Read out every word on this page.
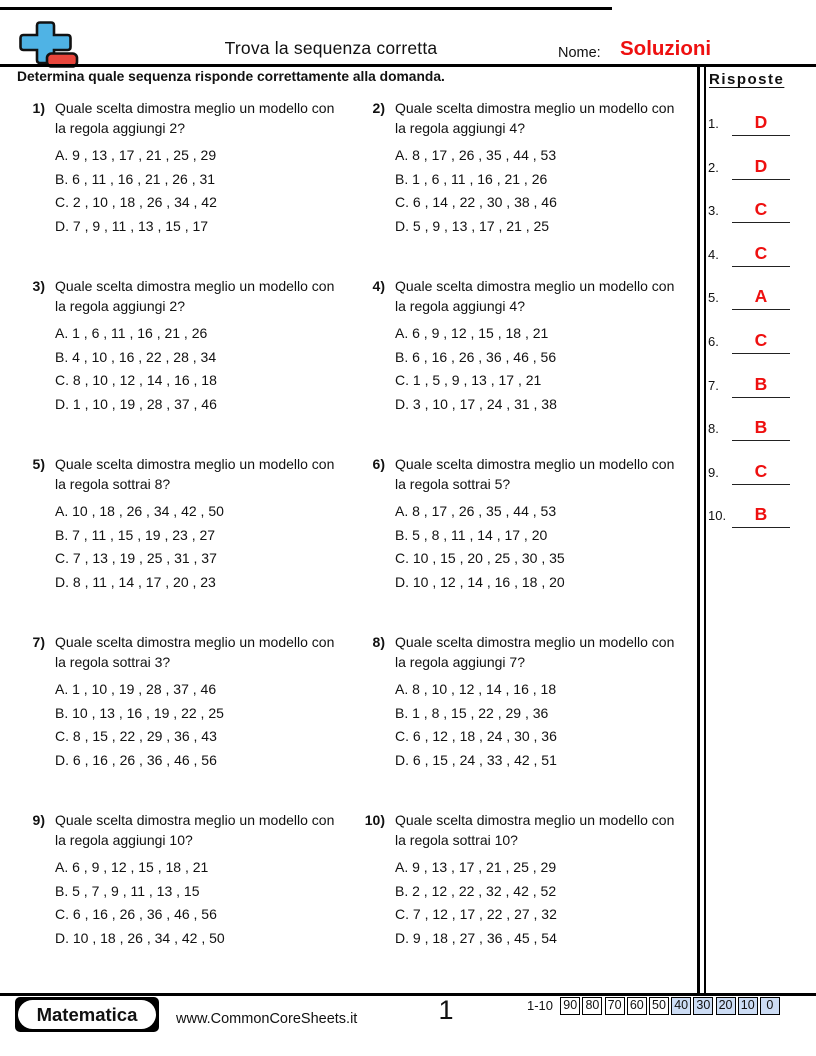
Trova la sequenza corretta	Nome: Soluzioni
Determina quale sequenza risponde correttamente alla domanda.
1) Quale scelta dimostra meglio un modello con la regola aggiungi 2?
A. 9 , 13 , 17 , 21 , 25 , 29
B. 6 , 11 , 16 , 21 , 26 , 31
C. 2 , 10 , 18 , 26 , 34 , 42
D. 7 , 9 , 11 , 13 , 15 , 17
2) Quale scelta dimostra meglio un modello con la regola aggiungi 4?
A. 8 , 17 , 26 , 35 , 44 , 53
B. 1 , 6 , 11 , 16 , 21 , 26
C. 6 , 14 , 22 , 30 , 38 , 46
D. 5 , 9 , 13 , 17 , 21 , 25
3) Quale scelta dimostra meglio un modello con la regola aggiungi 2?
A. 1 , 6 , 11 , 16 , 21 , 26
B. 4 , 10 , 16 , 22 , 28 , 34
C. 8 , 10 , 12 , 14 , 16 , 18
D. 1 , 10 , 19 , 28 , 37 , 46
4) Quale scelta dimostra meglio un modello con la regola aggiungi 4?
A. 6 , 9 , 12 , 15 , 18 , 21
B. 6 , 16 , 26 , 36 , 46 , 56
C. 1 , 5 , 9 , 13 , 17 , 21
D. 3 , 10 , 17 , 24 , 31 , 38
5) Quale scelta dimostra meglio un modello con la regola sottrai 8?
A. 10 , 18 , 26 , 34 , 42 , 50
B. 7 , 11 , 15 , 19 , 23 , 27
C. 7 , 13 , 19 , 25 , 31 , 37
D. 8 , 11 , 14 , 17 , 20 , 23
6) Quale scelta dimostra meglio un modello con la regola sottrai 5?
A. 8 , 17 , 26 , 35 , 44 , 53
B. 5 , 8 , 11 , 14 , 17 , 20
C. 10 , 15 , 20 , 25 , 30 , 35
D. 10 , 12 , 14 , 16 , 18 , 20
7) Quale scelta dimostra meglio un modello con la regola sottrai 3?
A. 1 , 10 , 19 , 28 , 37 , 46
B. 10 , 13 , 16 , 19 , 22 , 25
C. 8 , 15 , 22 , 29 , 36 , 43
D. 6 , 16 , 26 , 36 , 46 , 56
8) Quale scelta dimostra meglio un modello con la regola aggiungi 7?
A. 8 , 10 , 12 , 14 , 16 , 18
B. 1 , 8 , 15 , 22 , 29 , 36
C. 6 , 12 , 18 , 24 , 30 , 36
D. 6 , 15 , 24 , 33 , 42 , 51
9) Quale scelta dimostra meglio un modello con la regola aggiungi 10?
A. 6 , 9 , 12 , 15 , 18 , 21
B. 5 , 7 , 9 , 11 , 13 , 15
C. 6 , 16 , 26 , 36 , 46 , 56
D. 10 , 18 , 26 , 34 , 42 , 50
10) Quale scelta dimostra meglio un modello con la regola sottrai 10?
A. 9 , 13 , 17 , 21 , 25 , 29
B. 2 , 12 , 22 , 32 , 42 , 52
C. 7 , 12 , 17 , 22 , 27 , 32
D. 9 , 18 , 27 , 36 , 45 , 54
Risposte
1.	D
2.	D
3.	C
4.	C
5.	A
6.	C
7.	B
8.	B
9.	C
10.	B
Matematica	www.CommonCoreSheets.it	1	1-10 90 80 70 60 50 40 30 20 10 0
